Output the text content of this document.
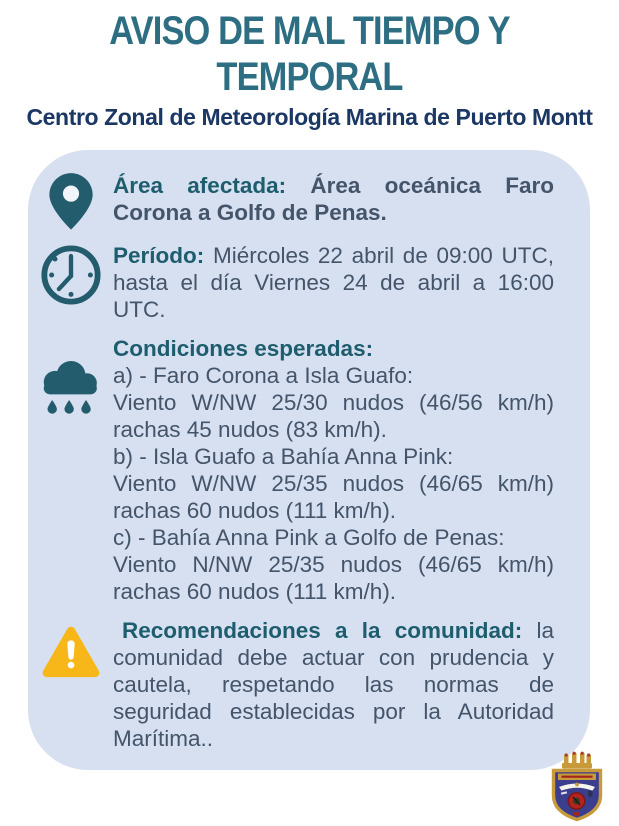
AVISO DE MAL TIEMPO Y
TEMPORAL
Centro Zonal de Meteorología Marina de Puerto Montt

Área afectada: Área oceánica Faro Corona a Golfo de Penas.

Período: Miércoles 22 abril de 09:00 UTC, hasta el día Viernes 24 de abril a 16:00 UTC.

Condiciones esperadas:

a) - Faro Corona a Isla Guafo:

Viento W/NW 25/30 nudos (46/56 km/h) rachas 45 nudos (83 km/h).

b) - Isla Guafo a Bahía Anna Pink:

Viento W/NW 25/35 nudos (46/65 km/h) rachas 60 nudos (111 km/h).

c) - Bahía Anna Pink a Golfo de Penas:

Viento N/NW 25/35 nudos (46/65 km/h) rachas 60 nudos (111 km/h).

Recomendaciones a la comunidad: la comunidad debe actuar con prudencia y cautela, respetando las normas de seguridad establecidas por la Autoridad Marítima..
